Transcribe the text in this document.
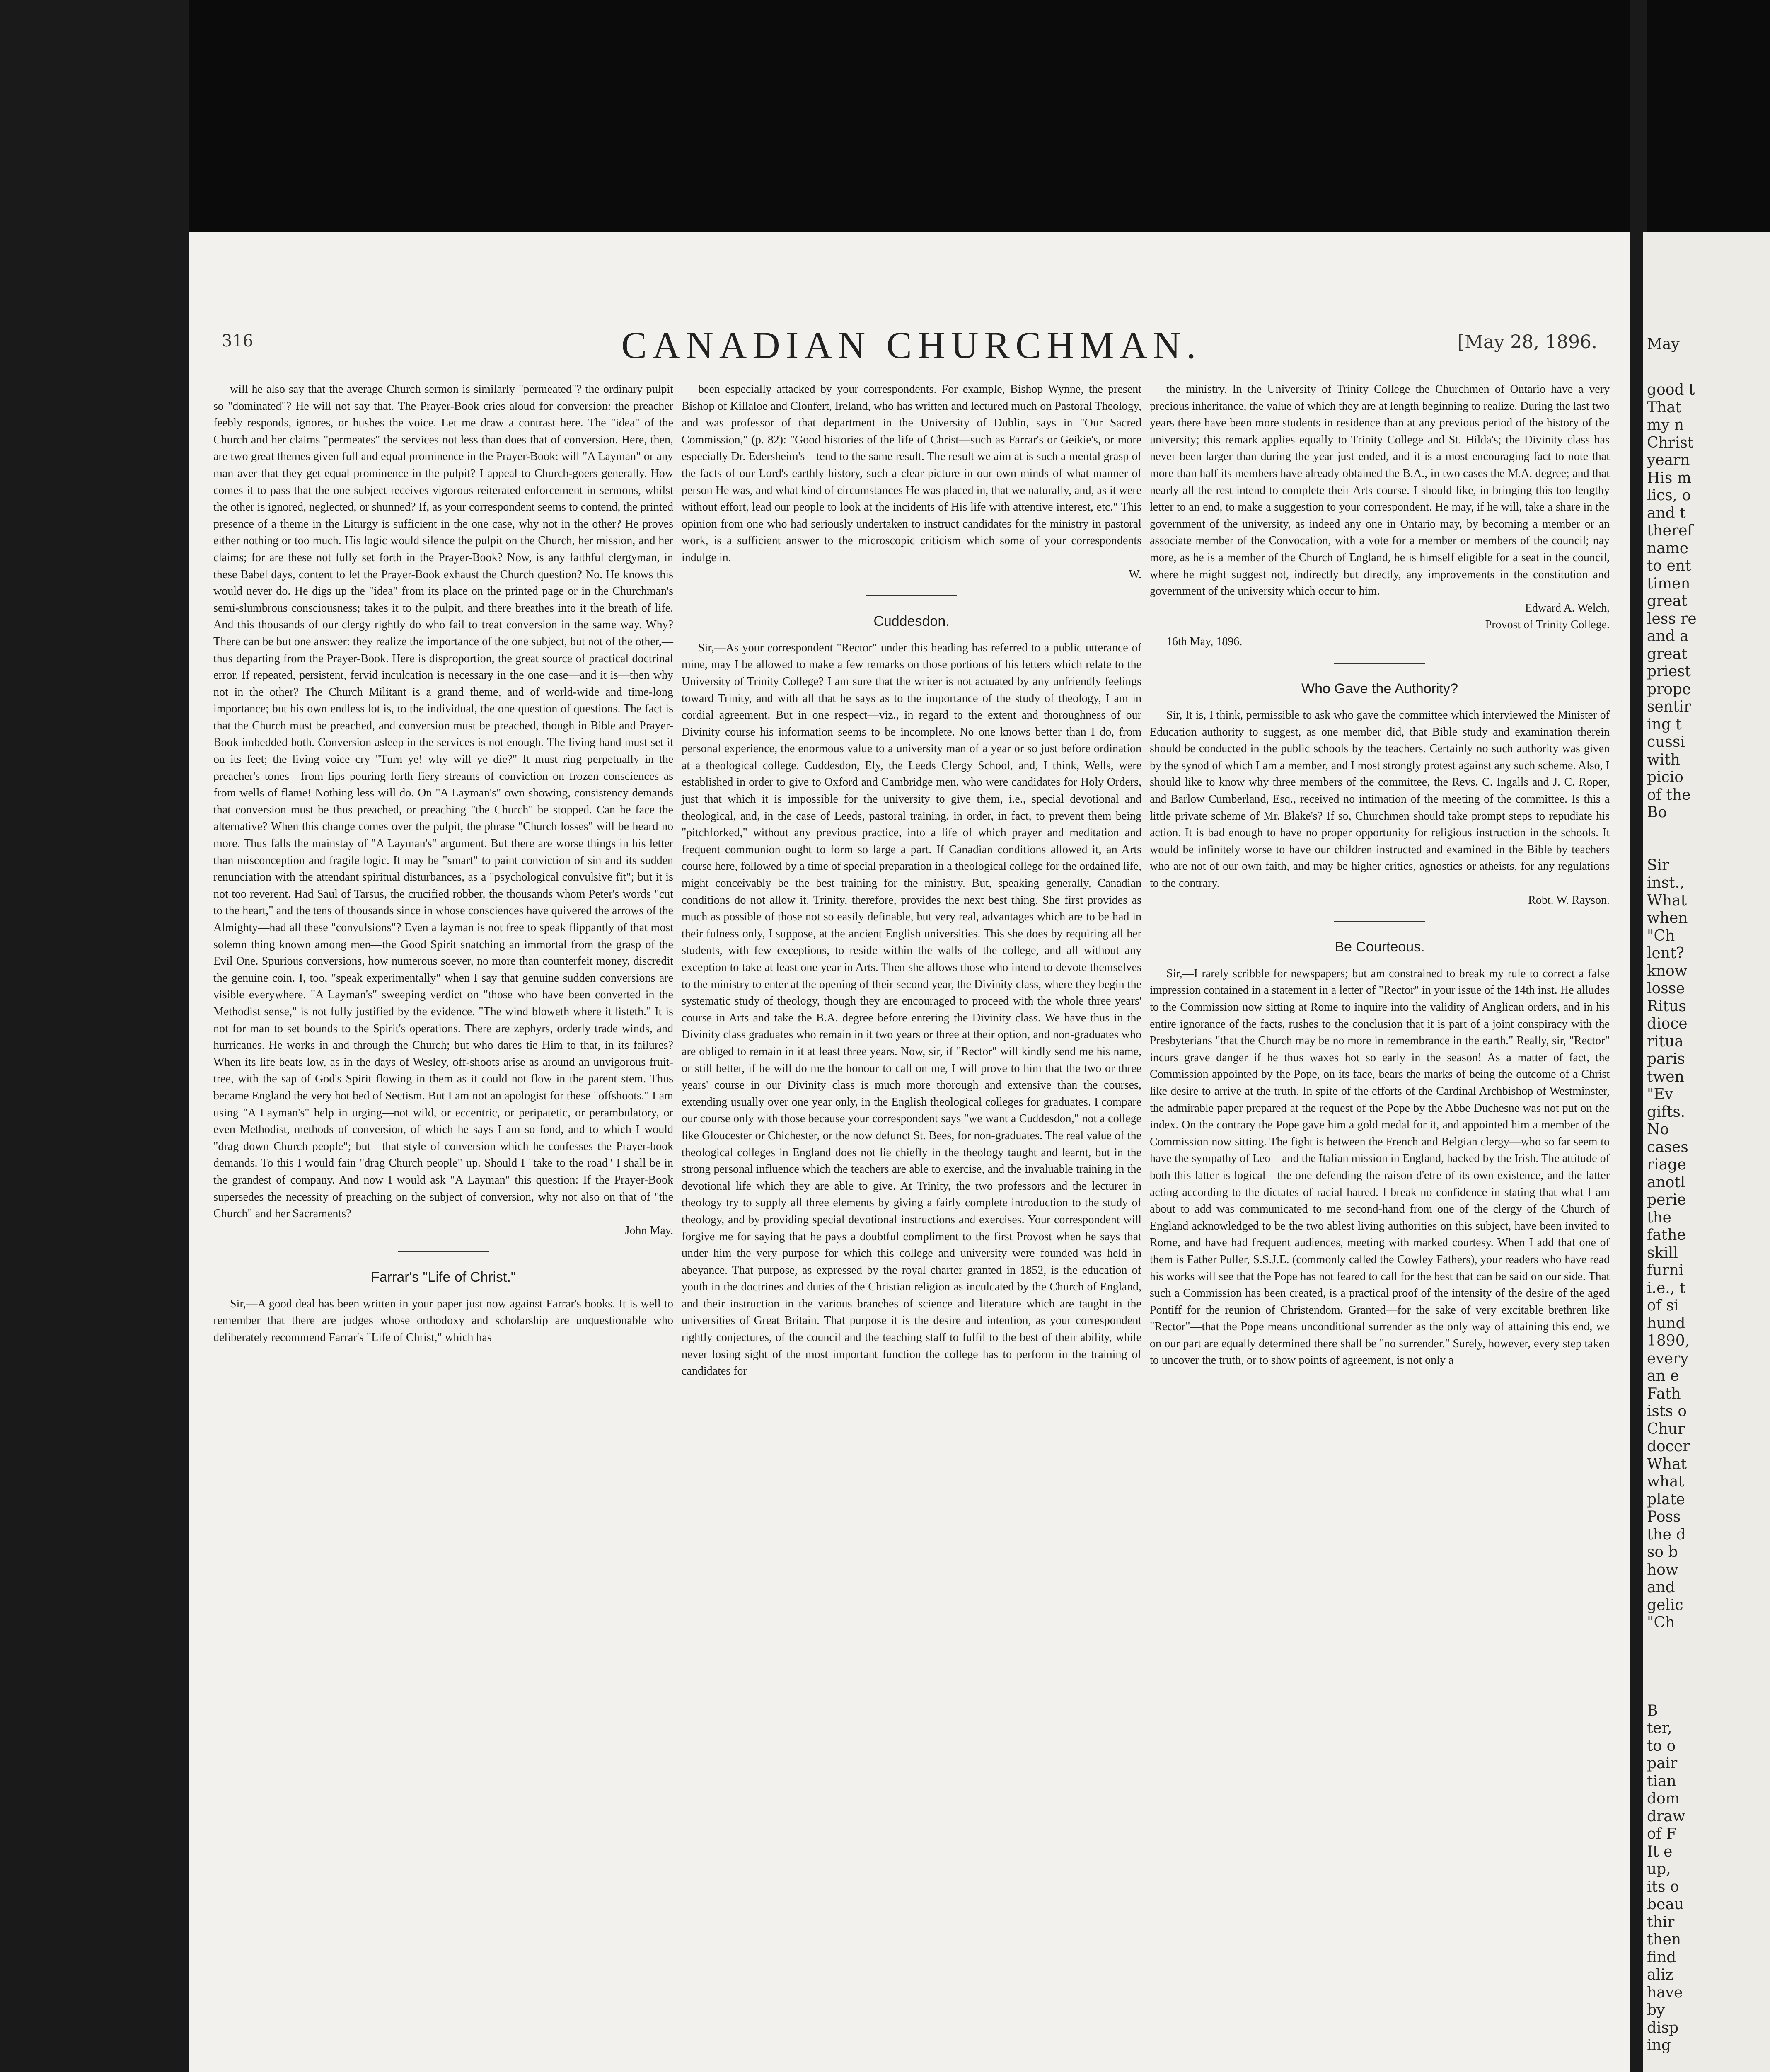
316	CANADIAN CHURCHMAN.	[May 28, 1896.

will he also say that the average Church sermon is similarly "permeated"? the ordinary pulpit so "dominated"? He will not say that. The Prayer-Book cries aloud for conversion: the preacher feebly responds, ignores, or hushes the voice. Let me draw a contrast here. The "idea" of the Church and her claims "permeates" the services not less than does that of conversion. Here, then, are two great themes given full and equal prominence in the Prayer-Book: will "A Layman" or any man aver that they get equal prominence in the pulpit? I appeal to Church-goers generally. How comes it to pass that the one subject receives vigorous reiterated enforcement in sermons, whilst the other is ignored, neglected, or shunned? If, as your correspondent seems to contend, the printed presence of a theme in the Liturgy is sufficient in the one case, why not in the other? He proves either nothing or too much. His logic would silence the pulpit on the Church, her mission, and her claims; for are these not fully set forth in the Prayer-Book? Now, is any faithful clergyman, in these Babel days, content to let the Prayer-Book exhaust the Church question? No. He knows this would never do. He digs up the "idea" from its place on the printed page or in the Churchman's semi-slumbrous consciousness; takes it to the pulpit, and there breathes into it the breath of life. And this thousands of our clergy rightly do who fail to treat conversion in the same way. Why? There can be but one answer: they realize the importance of the one subject, but not of the other,—thus departing from the Prayer-Book. Here is disproportion, the great source of practical doctrinal error. If repeated, persistent, fervid inculcation is necessary in the one case—and it is—then why not in the other? The Church Militant is a grand theme, and of world-wide and time-long importance; but his own endless lot is, to the individual, the one question of questions. The fact is that the Church must be preached, and conversion must be preached, though in Bible and Prayer-Book imbedded both. Conversion asleep in the services is not enough. The living hand must set it on its feet; the living voice cry "Turn ye! why will ye die?" It must ring perpetually in the preacher's tones—from lips pouring forth fiery streams of conviction on frozen consciences as from wells of flame! Nothing less will do. On "A Layman's" own showing, consistency demands that conversion must be thus preached, or preaching "the Church" be stopped. Can he face the alternative? When this change comes over the pulpit, the phrase "Church losses" will be heard no more. Thus falls the mainstay of "A Layman's" argument. But there are worse things in his letter than misconception and fragile logic. It may be "smart" to paint conviction of sin and its sudden renunciation with the attendant spiritual disturbances, as a "psychological convulsive fit"; but it is not too reverent. Had Saul of Tarsus, the crucified robber, the thousands whom Peter's words "cut to the heart," and the tens of thousands since in whose consciences have quivered the arrows of the Almighty—had all these "convulsions"? Even a layman is not free to speak flippantly of that most solemn thing known among men—the Good Spirit snatching an immortal from the grasp of the Evil One. Spurious conversions, how numerous soever, no more than counterfeit money, discredit the genuine coin. I, too, "speak experimentally" when I say that genuine sudden conversions are visible everywhere. "A Layman's" sweeping verdict on "those who have been converted in the Methodist sense," is not fully justified by the evidence. "The wind bloweth where it listeth." It is not for man to set bounds to the Spirit's operations. There are zephyrs, orderly trade winds, and hurricanes. He works in and through the Church; but who dares tie Him to that, in its failures? When its life beats low, as in the days of Wesley, off-shoots arise as around an unvigorous fruit-tree, with the sap of God's Spirit flowing in them as it could not flow in the parent stem. Thus became England the very hot bed of Sectism. But I am not an apologist for these "offshoots." I am using "A Layman's" help in urging—not wild, or eccentric, or peripatetic, or perambulatory, or even Methodist, methods of conversion, of which he says I am so fond, and to which I would "drag down Church people"; but—that style of conversion which he confesses the Prayer-book demands. To this I would fain "drag Church people" up. Should I "take to the road" I shall be in the grandest of company. And now I would ask "A Layman" this question: If the Prayer-Book supersedes the necessity of preaching on the subject of conversion, why not also on that of "the Church" and her Sacraments?

John May.

Farrar's "Life of Christ."

Sir,—A good deal has been written in your paper just now against Farrar's books. It is well to remember that there are judges whose orthodoxy and scholarship are unquestionable who deliberately recommend Farrar's "Life of Christ," which has

been especially attacked by your correspondents. For example, Bishop Wynne, the present Bishop of Killaloe and Clonfert, Ireland, who has written and lectured much on Pastoral Theology, and was professor of that department in the University of Dublin, says in "Our Sacred Commission," (p. 82): "Good histories of the life of Christ—such as Farrar's or Geikie's, or more especially Dr. Edersheim's—tend to the same result. The result we aim at is such a mental grasp of the facts of our Lord's earthly history, such a clear picture in our own minds of what manner of person He was, and what kind of circumstances He was placed in, that we naturally, and, as it were without effort, lead our people to look at the incidents of His life with attentive interest, etc." This opinion from one who had seriously undertaken to instruct candidates for the ministry in pastoral work, is a sufficient answer to the microscopic criticism which some of your correspondents indulge in.

W.

Cuddesdon.

Sir,—As your correspondent "Rector" under this heading has referred to a public utterance of mine, may I be allowed to make a few remarks on those portions of his letters which relate to the University of Trinity College? I am sure that the writer is not actuated by any unfriendly feelings toward Trinity, and with all that he says as to the importance of the study of theology, I am in cordial agreement. But in one respect—viz., in regard to the extent and thoroughness of our Divinity course his information seems to be incomplete. No one knows better than I do, from personal experience, the enormous value to a university man of a year or so just before ordination at a theological college. Cuddesdon, Ely, the Leeds Clergy School, and, I think, Wells, were established in order to give to Oxford and Cambridge men, who were candidates for Holy Orders, just that which it is impossible for the university to give them, i.e., special devotional and theological, and, in the case of Leeds, pastoral training, in order, in fact, to prevent them being "pitchforked," without any previous practice, into a life of which prayer and meditation and frequent communion ought to form so large a part. If Canadian conditions allowed it, an Arts course here, followed by a time of special preparation in a theological college for the ordained life, might conceivably be the best training for the ministry. But, speaking generally, Canadian conditions do not allow it. Trinity, therefore, provides the next best thing. She first provides as much as possible of those not so easily definable, but very real, advantages which are to be had in their fulness only, I suppose, at the ancient English universities. This she does by requiring all her students, with few exceptions, to reside within the walls of the college, and all without any exception to take at least one year in Arts. Then she allows those who intend to devote themselves to the ministry to enter at the opening of their second year, the Divinity class, where they begin the systematic study of theology, though they are encouraged to proceed with the whole three years' course in Arts and take the B.A. degree before entering the Divinity class. We have thus in the Divinity class graduates who remain in it two years or three at their option, and non-graduates who are obliged to remain in it at least three years. Now, sir, if "Rector" will kindly send me his name, or still better, if he will do me the honour to call on me, I will prove to him that the two or three years' course in our Divinity class is much more thorough and extensive than the courses, extending usually over one year only, in the English theological colleges for graduates. I compare our course only with those because your correspondent says "we want a Cuddesdon," not a college like Gloucester or Chichester, or the now defunct St. Bees, for non-graduates. The real value of the theological colleges in England does not lie chiefly in the theology taught and learnt, but in the strong personal influence which the teachers are able to exercise, and the invaluable training in the devotional life which they are able to give. At Trinity, the two professors and the lecturer in theology try to supply all three elements by giving a fairly complete introduction to the study of theology, and by providing special devotional instructions and exercises. Your correspondent will forgive me for saying that he pays a doubtful compliment to the first Provost when he says that under him the very purpose for which this college and university were founded was held in abeyance. That purpose, as expressed by the royal charter granted in 1852, is the education of youth in the doctrines and duties of the Christian religion as inculcated by the Church of England, and their instruction in the various branches of science and literature which are taught in the universities of Great Britain. That purpose it is the desire and intention, as your correspondent rightly conjectures, of the council and the teaching staff to fulfil to the best of their ability, while never losing sight of the most important function the college has to perform in the training of candidates for

the ministry. In the University of Trinity College the Churchmen of Ontario have a very precious inheritance, the value of which they are at length beginning to realize. During the last two years there have been more students in residence than at any previous period of the history of the university; this remark applies equally to Trinity College and St. Hilda's; the Divinity class has never been larger than during the year just ended, and it is a most encouraging fact to note that more than half its members have already obtained the B.A., in two cases the M.A. degree; and that nearly all the rest intend to complete their Arts course. I should like, in bringing this too lengthy letter to an end, to make a suggestion to your correspondent. He may, if he will, take a share in the government of the university, as indeed any one in Ontario may, by becoming a member or an associate member of the Convocation, with a vote for a member or members of the council; nay more, as he is a member of the Church of England, he is himself eligible for a seat in the council, where he might suggest not, indirectly but directly, any improvements in the constitution and government of the university which occur to him.

Edward A. Welch,

Provost of Trinity College.

16th May, 1896.

Who Gave the Authority?

Sir, It is, I think, permissible to ask who gave the committee which interviewed the Minister of Education authority to suggest, as one member did, that Bible study and examination therein should be conducted in the public schools by the teachers. Certainly no such authority was given by the synod of which I am a member, and I most strongly protest against any such scheme. Also, I should like to know why three members of the committee, the Revs. C. Ingalls and J. C. Roper, and Barlow Cumberland, Esq., received no intimation of the meeting of the committee. Is this a little private scheme of Mr. Blake's? If so, Churchmen should take prompt steps to repudiate his action. It is bad enough to have no proper opportunity for religious instruction in the schools. It would be infinitely worse to have our children instructed and examined in the Bible by teachers who are not of our own faith, and may be higher critics, agnostics or atheists, for any regulations to the contrary.

Robt. W. Rayson.

Be Courteous.

Sir,—I rarely scribble for newspapers; but am constrained to break my rule to correct a false impression contained in a statement in a letter of "Rector" in your issue of the 14th inst. He alludes to the Commission now sitting at Rome to inquire into the validity of Anglican orders, and in his entire ignorance of the facts, rushes to the conclusion that it is part of a joint conspiracy with the Presbyterians "that the Church may be no more in remembrance in the earth." Really, sir, "Rector" incurs grave danger if he thus waxes hot so early in the season! As a matter of fact, the Commission appointed by the Pope, on its face, bears the marks of being the outcome of a Christ like desire to arrive at the truth. In spite of the efforts of the Cardinal Archbishop of Westminster, the admirable paper prepared at the request of the Pope by the Abbe Duchesne was not put on the index. On the contrary the Pope gave him a gold medal for it, and appointed him a member of the Commission now sitting. The fight is between the French and Belgian clergy—who so far seem to have the sympathy of Leo—and the Italian mission in England, backed by the Irish. The attitude of both this latter is logical—the one defending the raison d'etre of its own existence, and the latter acting according to the dictates of racial hatred. I break no confidence in stating that what I am about to add was communicated to me second-hand from one of the clergy of the Church of England acknowledged to be the two ablest living authorities on this subject, have been invited to Rome, and have had frequent audiences, meeting with marked courtesy. When I add that one of them is Father Puller, S.S.J.E. (commonly called the Cowley Fathers), your readers who have read his works will see that the Pope has not feared to call for the best that can be said on our side. That such a Commission has been created, is a practical proof of the intensity of the desire of the aged Pontiff for the reunion of Christendom. Granted—for the sake of very excitable brethren like "Rector"—that the Pope means unconditional surrender as the only way of attaining this end, we on our part are equally determined there shall be "no surrender." Surely, however, every step taken to uncover the truth, or to show points of agreement, is not only a

May
good t
That
my n
Christ
yearn
His m
lics, o
and t
theref
name
to ent
timen
great
less re
and a
great
priest
prope
sentir
ing t
cussi
with
picio
of the
Bo
Sir
inst.,
What
when
"Ch
lent?
know
losse
Ritus
dioce
ritua
paris
twen
"Ev
gifts.
No
cases
riage
anotl
perie
the
fathe
skill
furni
i.e., t
of si
hund
1890,
every
an e
Fath
ists o
Chur
docer
What
what
plate
Poss
the d
so b
how
and
gelic
"Ch
B
ter,
to o
pair
tian
dom
draw
of F
It e
up,
its o
beau
thir
then
find
aliz
have
by
disp
ing
